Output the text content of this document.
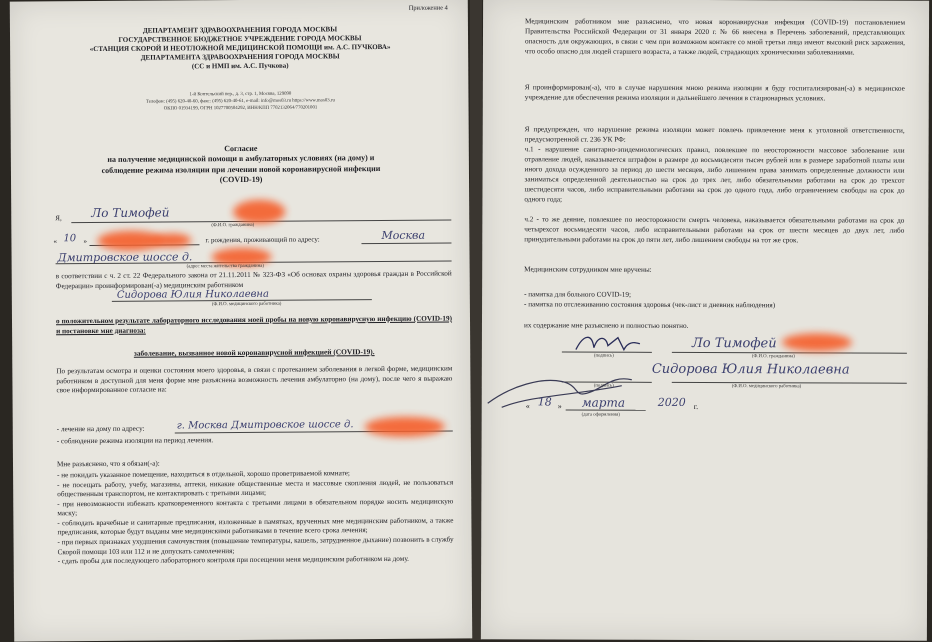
Приложение 4
ДЕПАРТАМЕНТ ЗДРАВООХРАНЕНИЯ ГОРОДА МОСКВЫ
ГОСУДАРСТВЕННОЕ БЮДЖЕТНОЕ УЧРЕЖДЕНИЕ ГОРОДА МОСКВЫ
«СТАНЦИЯ СКОРОЙ И НЕОТЛОЖНОЙ МЕДИЦИНСКОЙ ПОМОЩИ им. А.С. ПУЧКОВА»
ДЕПАРТАМЕНТА ЗДРАВООХРАНЕНИЯ ГОРОДА МОСКВЫ
(СС и НМП им. А.С. Пучкова)
1-й Коптельский пер., д. 3, стр. 1, Москва, 129090
Телефон: (495) 620-40-60, факс: (495) 620-40-61, e-mail: info@mos03.ru https://www.mos03.ru
ОКПО 01934199, ОГРН 1027700504292, ИНН/КПП 7702132064/770201001
Согласие
на получение медицинской помощи в амбулаторных условиях (на дому) и
соблюдение режима изоляции при лечении новой коронавирусной инфекции
(COVID-19)
Я, Ло Тимофей
(Ф.И.О. гражданина)
« 10 »	г. рождения, проживающий по адресу:	Москва
Дмитровское шоссе д.
(адрес места жительства гражданина)
в соответствии с ч. 2 ст. 22 Федерального закона от 21.11.2011 № 323-ФЗ «Об основах охраны здоровья граждан в Российской Федерации» проинформирован(-а) медицинским работником
Сидорова Юлия Николаевна
(Ф.И.О. медицинского работника)
о положительном результате лабораторного исследования моей пробы на новую коронавирусную инфекцию (COVID-19) и постановке мне диагноза:
заболевание, вызванное новой коронавирусной инфекцией (COVID-19).
По результатам осмотра и оценки состояния моего здоровья, в связи с протеканием заболевания в легкой форме, медицинским работником в доступной для меня форме мне разъяснена возможность лечения амбулаторно (на дому), после чего я выражаю свое информированное согласие на:
- лечение на дому по адресу:	г. Москва Дмитровское шоссе д.
- соблюдение режима изоляции на период лечения.
Мне разъяснено, что я обязан(-а):

- не покидать указанное помещение, находиться в отдельной, хорошо проветриваемой комнате;

- не посещать работу, учебу, магазины, аптеки, никакие общественные места и массовые скопления людей, не пользоваться общественным транспортом, не контактировать с третьими лицами;

- при невозможности избежать кратковременного контакта с третьими лицами в обязательном порядке носить медицинскую маску;

- соблюдать врачебные и санитарные предписания, изложенные в памятках, врученных мне медицинским работником, а также предписания, которые будут выданы мне медицинскими работниками в течение всего срока лечения;

- при первых признаках ухудшения самочувствия (повышение температуры, кашель, затрудненное дыхание) позвонить в службу Скорой помощи 103 или 112 и не допускать самолечения;

- сдать пробы для последующего лабораторного контроля при посещении меня медицинским работником на дому.

Медицинским работником мне разъяснено, что новая коронавирусная инфекция (COVID-19) постановлением Правительства Российской Федерации от 31 января 2020 г. № 66 внесена в Перечень заболеваний, представляющих опасность для окружающих, в связи с чем при возможном контакте со мной третьи лица имеют высокий риск заражения, что особо опасно для людей старшего возраста, а также людей, страдающих хроническими заболеваниями.
Я проинформирован(-а), что в случае нарушения мною режима изоляции я буду госпитализирован(-а) в медицинское учреждение для обеспечения режима изоляции и дальнейшего лечения в стационарных условиях.
Я предупрежден, что нарушение режима изоляции может повлечь привлечение меня к уголовной ответственности, предусмотренной ст. 236 УК РФ:
ч.1 - нарушение санитарно-эпидемиологических правил, повлекшее по неосторожности массовое заболевание или отравление людей, наказывается штрафом в размере до восьмидесяти тысяч рублей или в размере заработной платы или иного дохода осужденного за период до шести месяцев, либо лишением права занимать определенные должности или заниматься определенной деятельностью на срок до трех лет, либо обязательными работами на срок до трехсот шестидесяти часов, либо исправительными работами на срок до одного года, либо ограничением свободы на срок до одного года;
ч.2 - то же деяние, повлекшее по неосторожности смерть человека, наказывается обязательными работами на срок до четырехсот восьмидесяти часов, либо исправительными работами на срок от шести месяцев до двух лет, либо принудительными работами на срок до пяти лет, либо лишением свободы на тот же срок.
Медицинским сотрудником мне вручены:

- памятка для больного COVID-19;

- памятка по отслеживанию состояния здоровья (чек-лист и дневник наблюдения)

их содержание мне разъяснено и полностью понятно.
(подпись)
Ло Тимофей
(Ф.И.О. гражданина)
(подпись)
Сидорова Юлия Николаевна
(Ф.И.О. медицинского работника)
« 18 » марта	2020 г.
(дата оформления)
